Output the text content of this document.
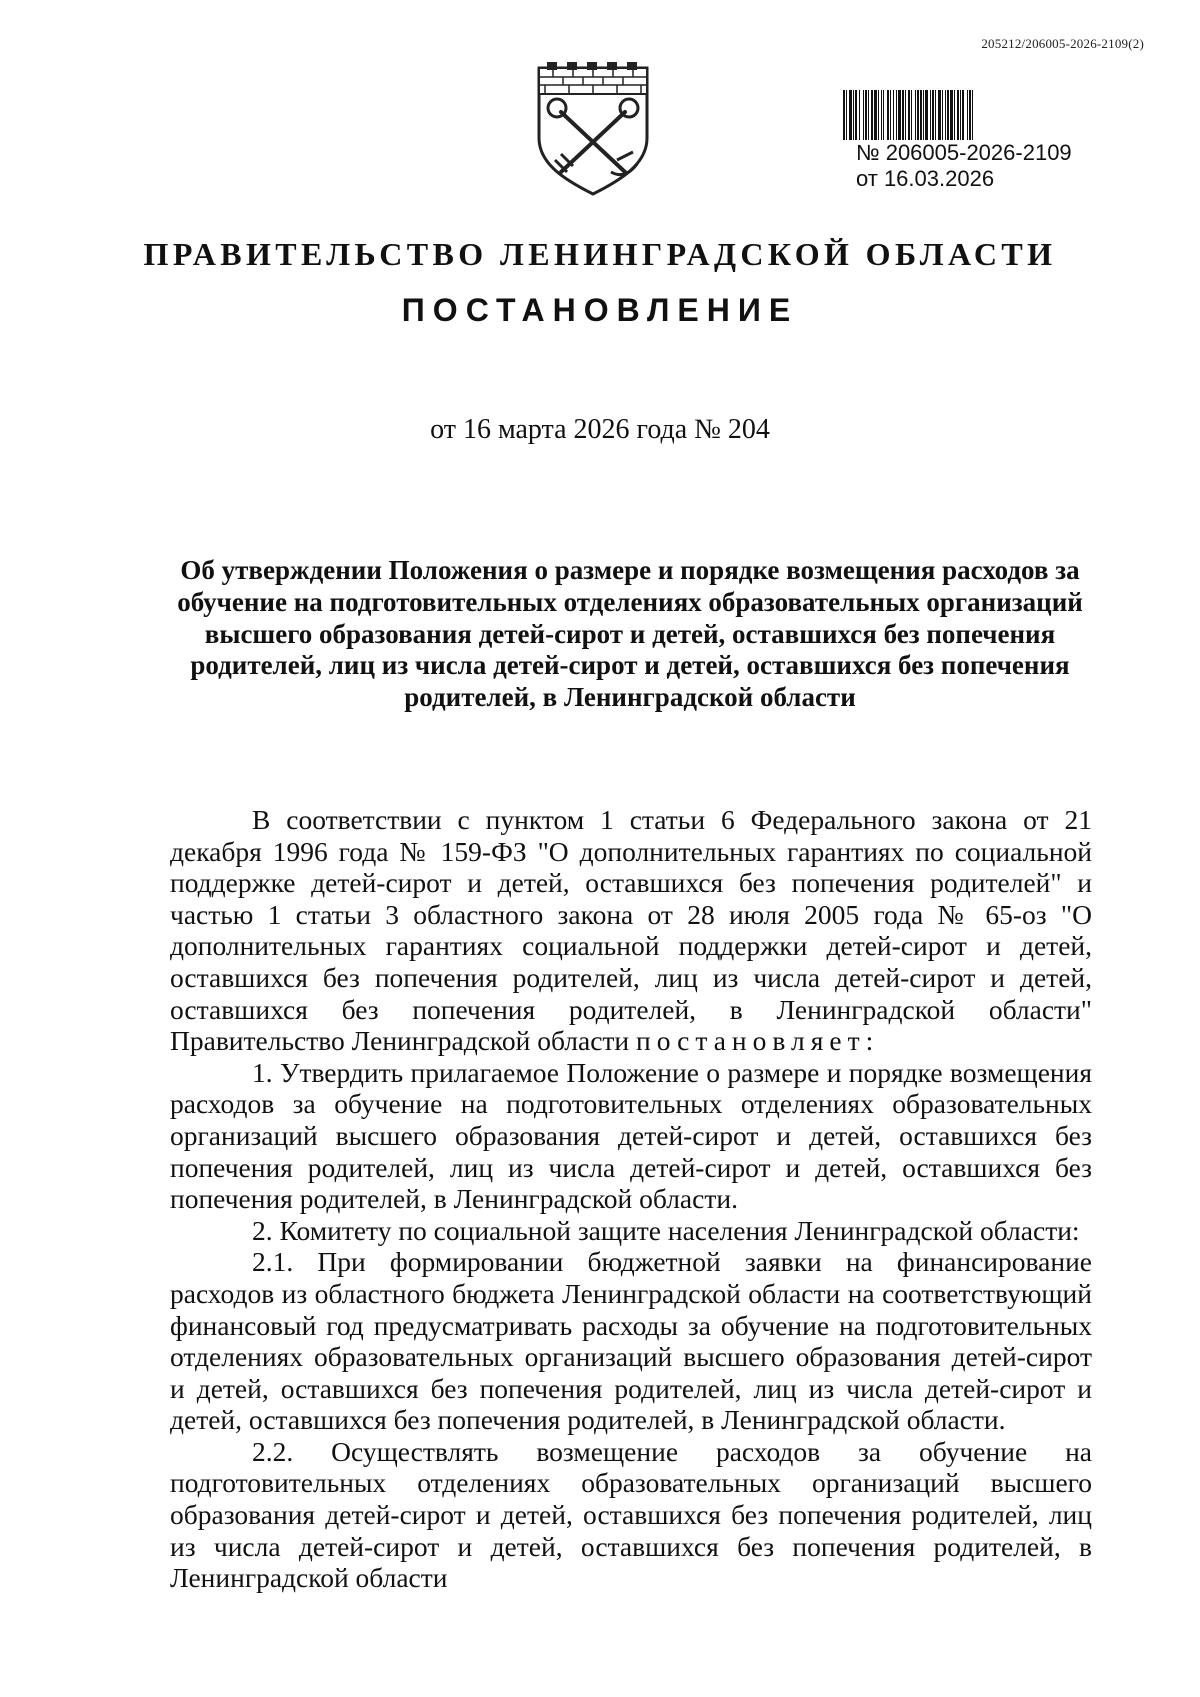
205212/206005-2026-2109(2)
№ 206005-2026-2109
от 16.03.2026
ПРАВИТЕЛЬСТВО ЛЕНИНГРАДСКОЙ ОБЛАСТИ
ПОСТАНОВЛЕНИЕ
от 16 марта 2026 года № 204
Об утверждении Положения о размере и порядке возмещения расходов за обучение на подготовительных отделениях образовательных организаций высшего образования детей-сирот и детей, оставшихся без попечения родителей, лиц из числа детей-сирот и детей, оставшихся без попечения родителей, в Ленинградской области

В соответствии с пунктом 1 статьи 6 Федерального закона от 21 декабря 1996 года № 159-ФЗ "О дополнительных гарантиях по социальной поддержке детей-сирот и детей, оставшихся без попечения родителей" и частью 1 статьи 3 областного закона от 28 июля 2005 года № 65-оз "О дополнительных гарантиях социальной поддержки детей-сирот и детей, оставшихся без попечения родителей, лиц из числа детей-сирот и детей, оставшихся без попечения родителей, в Ленинградской области" Правительство Ленинградской области постановляет:

1. Утвердить прилагаемое Положение о размере и порядке возмещения расходов за обучение на подготовительных отделениях образовательных организаций высшего образования детей-сирот и детей, оставшихся без попечения родителей, лиц из числа детей-сирот и детей, оставшихся без попечения родителей, в Ленинградской области.

2. Комитету по социальной защите населения Ленинградской области:

2.1. При формировании бюджетной заявки на финансирование расходов из областного бюджета Ленинградской области на соответствующий финансовый год предусматривать расходы за обучение на подготовительных отделениях образовательных организаций высшего образования детей-сирот и детей, оставшихся без попечения родителей, лиц из числа детей-сирот и детей, оставшихся без попечения родителей, в Ленинградской области.

2.2. Осуществлять возмещение расходов за обучение на подготовительных отделениях образовательных организаций высшего образования детей-сирот и детей, оставшихся без попечения родителей, лиц из числа детей-сирот и детей, оставшихся без попечения родителей, в Ленинградской области
